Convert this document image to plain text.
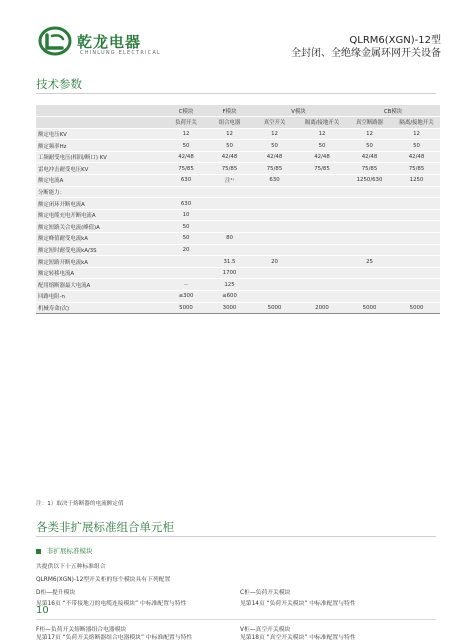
乾龙电器
CHINLUNG ELECTRICAL
QLRM6(XGN)-12型
全封闭、全绝缘金属环网开关设备
技术参数
	C模块	F模块	V模块		CB模块	
	负荷开关	组合电器	真空开关	隔离/接地开关	真空断路器	隔离/接地开关
额定电压KV	12	12	12	12	12	12
额定频率Hz	50	50	50	50	50	50
工频耐受电压(相间/断口) KV	42/48	42/48	42/48	42/48	42/48	42/48
雷电冲击耐受电压KV	75/85	75/85	75/85	75/85	75/85	75/85
额定电流A	630	注¹⁾	630		1250/630	1250
分断能力：						
额定闭环开断电流A	630					
额定电缆充电开断电流A	10					
额定短路关合电流(峰值)A	50					
额定峰值耐受电流kA	50	80				
额定短时耐受电流kA/3S	20					
额定短路开断电流kA		31.5	20		25	
额定转移电流A		1700				
配用熔断器最大电流A	－	125				
回路电阻-n	≤300	≤600				
机械寿命(次)	5000	3000	5000	2000	5000	5000
注：1）取决于熔断器的电流额定值
各类非扩展标准组合单元柜
非扩展标准模块
共提供以下十五种标准组合
QLRM6(XGN)-12型开关柜的每个模块具有下列配置
D柜—提升模块
见第16页 “不带接地刀的电缆连接模块” 中标准配置与特性
10
C柜—负荷开关模块
见第14页 “负荷开关模块” 中标准配置与特性
F柜—负荷开关熔断器组合电器模块
见第17页 “负荷开关熔断器组合电器模块” 中标准配置与特性
V柜—真空开关模块
见第18页 “真空开关模块” 中标准配置与特性
